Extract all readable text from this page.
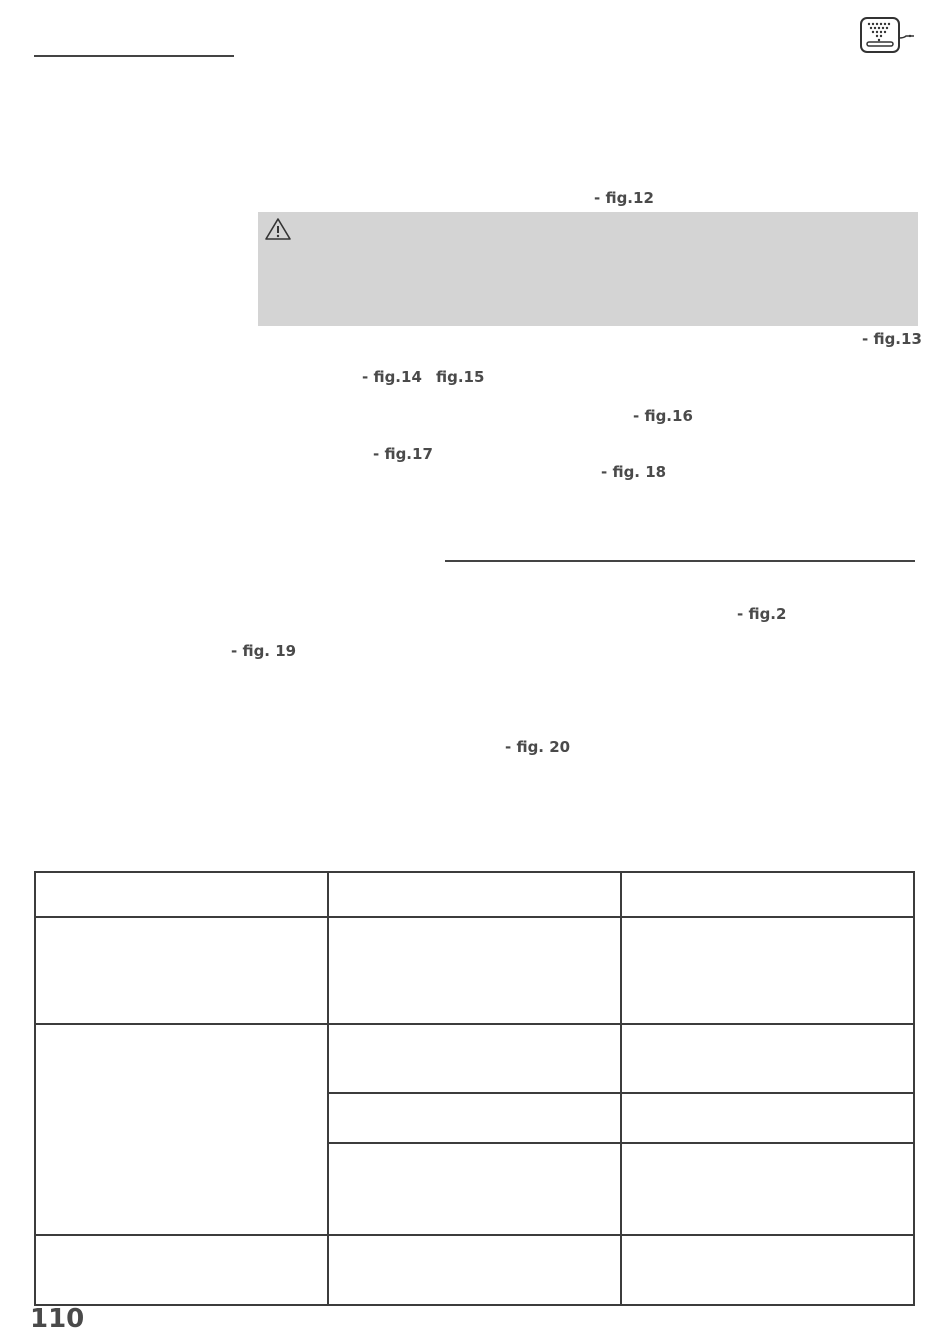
- fig.12
- fig.13
- fig.14 fig.15
- fig.16
- fig.17
- fig. 18
- fig.2
- fig. 19
- fig. 20

110
